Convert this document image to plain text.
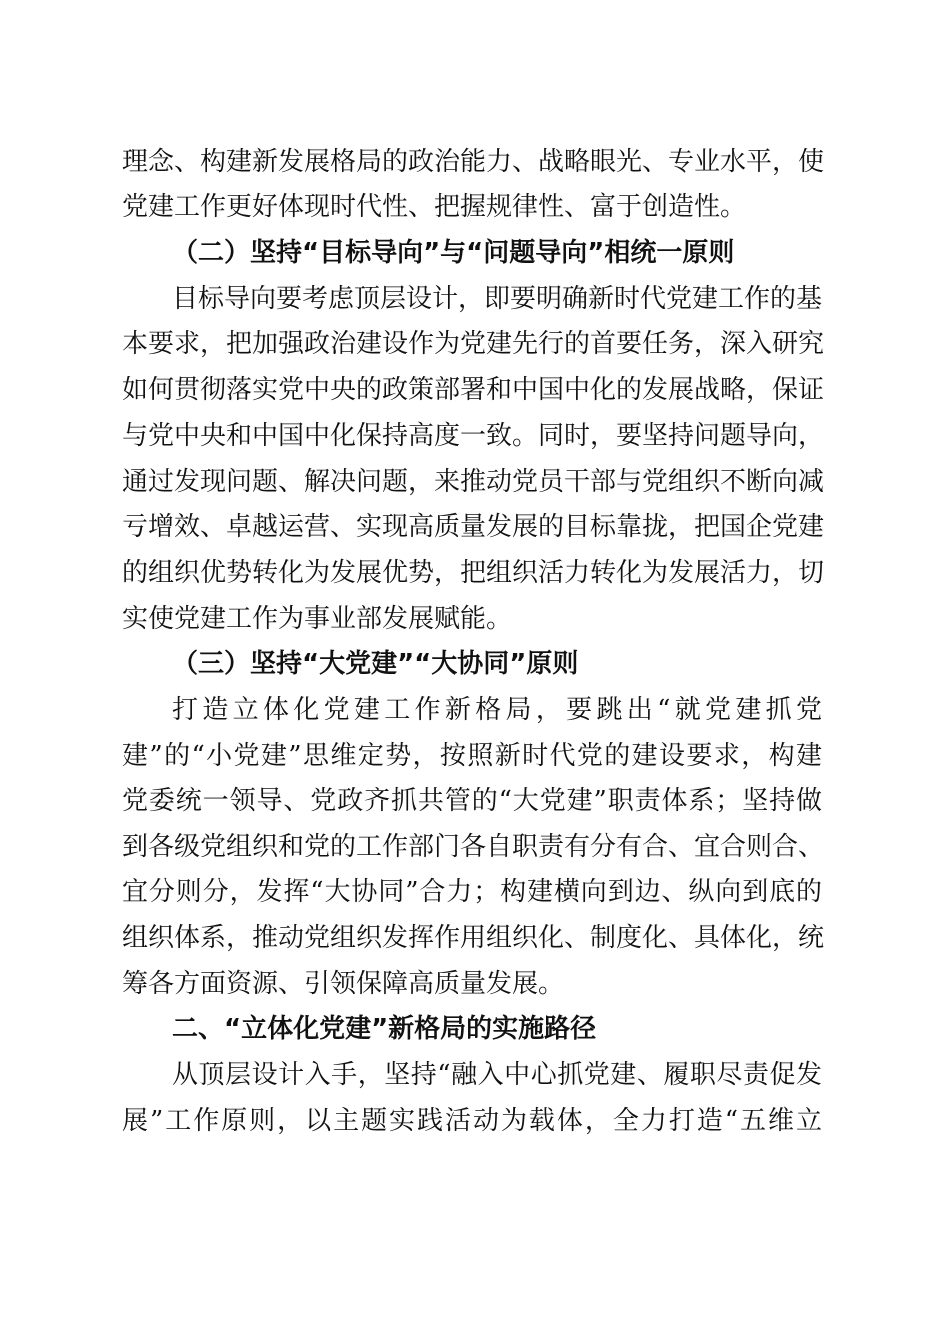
理念、构建新发展格局的政治能力、战略眼光、专业水平，使
党建工作更好体现时代性、把握规律性、富于创造性。
（二）坚持“目标导向”与“问题导向”相统一原则
目标导向要考虑顶层设计，即要明确新时代党建工作的基
本要求，把加强政治建设作为党建先行的首要任务，深入研究
如何贯彻落实党中央的政策部署和中国中化的发展战略，保证
与党中央和中国中化保持高度一致。同时，要坚持问题导向，
通过发现问题、解决问题，来推动党员干部与党组织不断向减
亏增效、卓越运营、实现高质量发展的目标靠拢，把国企党建
的组织优势转化为发展优势，把组织活力转化为发展活力，切
实使党建工作为事业部发展赋能。
（三）坚持“大党建”“大协同”原则
打造立体化党建工作新格局，要跳出“就党建抓党
建”的“小党建”思维定势，按照新时代党的建设要求，构建
党委统一领导、党政齐抓共管的“大党建”职责体系；坚持做
到各级党组织和党的工作部门各自职责有分有合、宜合则合、
宜分则分，发挥“大协同”合力；构建横向到边、纵向到底的
组织体系，推动党组织发挥作用组织化、制度化、具体化，统
筹各方面资源、引领保障高质量发展。
二、“立体化党建”新格局的实施路径
从顶层设计入手，坚持“融入中心抓党建、履职尽责促发
展”工作原则，以主题实践活动为载体，全力打造“五维立
